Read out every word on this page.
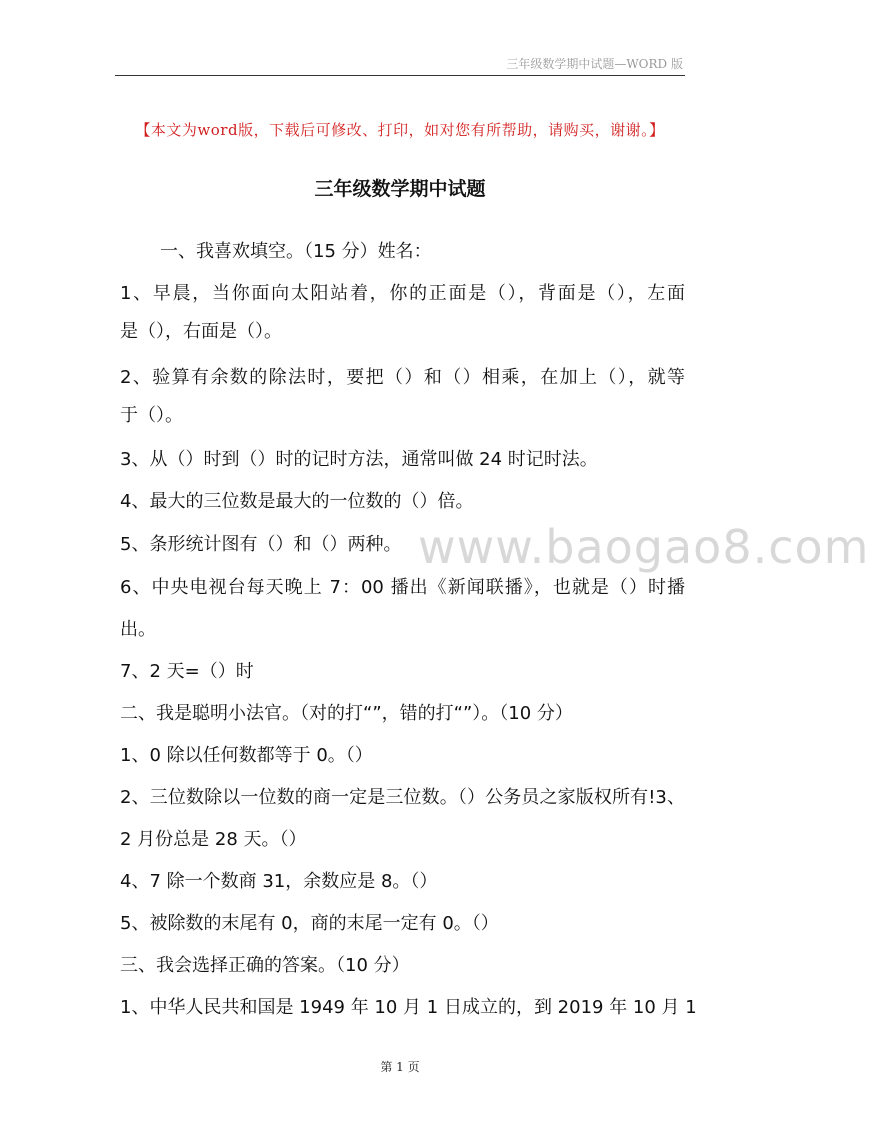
三年级数学期中试题—WORD 版
【本文为word版，下载后可修改、打印，如对您有所帮助，请购买，谢谢。】
三年级数学期中试题
www.baogao8.com
一、我喜欢填空。（15 分）姓名：
1、早晨，当你面向太阳站着，你的正面是（），背面是（），左面
是（），右面是（）。
2、验算有余数的除法时，要把（）和（）相乘，在加上（），就等
于（）。
3、从（）时到（）时的记时方法，通常叫做 24 时记时法。
4、最大的三位数是最大的一位数的（）倍。
5、条形统计图有（）和（）两种。
6、中央电视台每天晚上 7：00 播出《新闻联播》，也就是（）时播
出。
7、2 天=（）时
二、我是聪明小法官。（对的打“”，错的打“”）。（10 分）
1、0 除以任何数都等于 0。（）
2、三位数除以一位数的商一定是三位数。（）公务员之家版权所有!3、
2 月份总是 28 天。（）
4、7 除一个数商 31，余数应是 8。（）
5、被除数的末尾有 0，商的末尾一定有 0。（）
三、我会选择正确的答案。（10 分）
1、中华人民共和国是 1949 年 10 月 1 日成立的，到 2019 年 10 月 1
第 1 页
